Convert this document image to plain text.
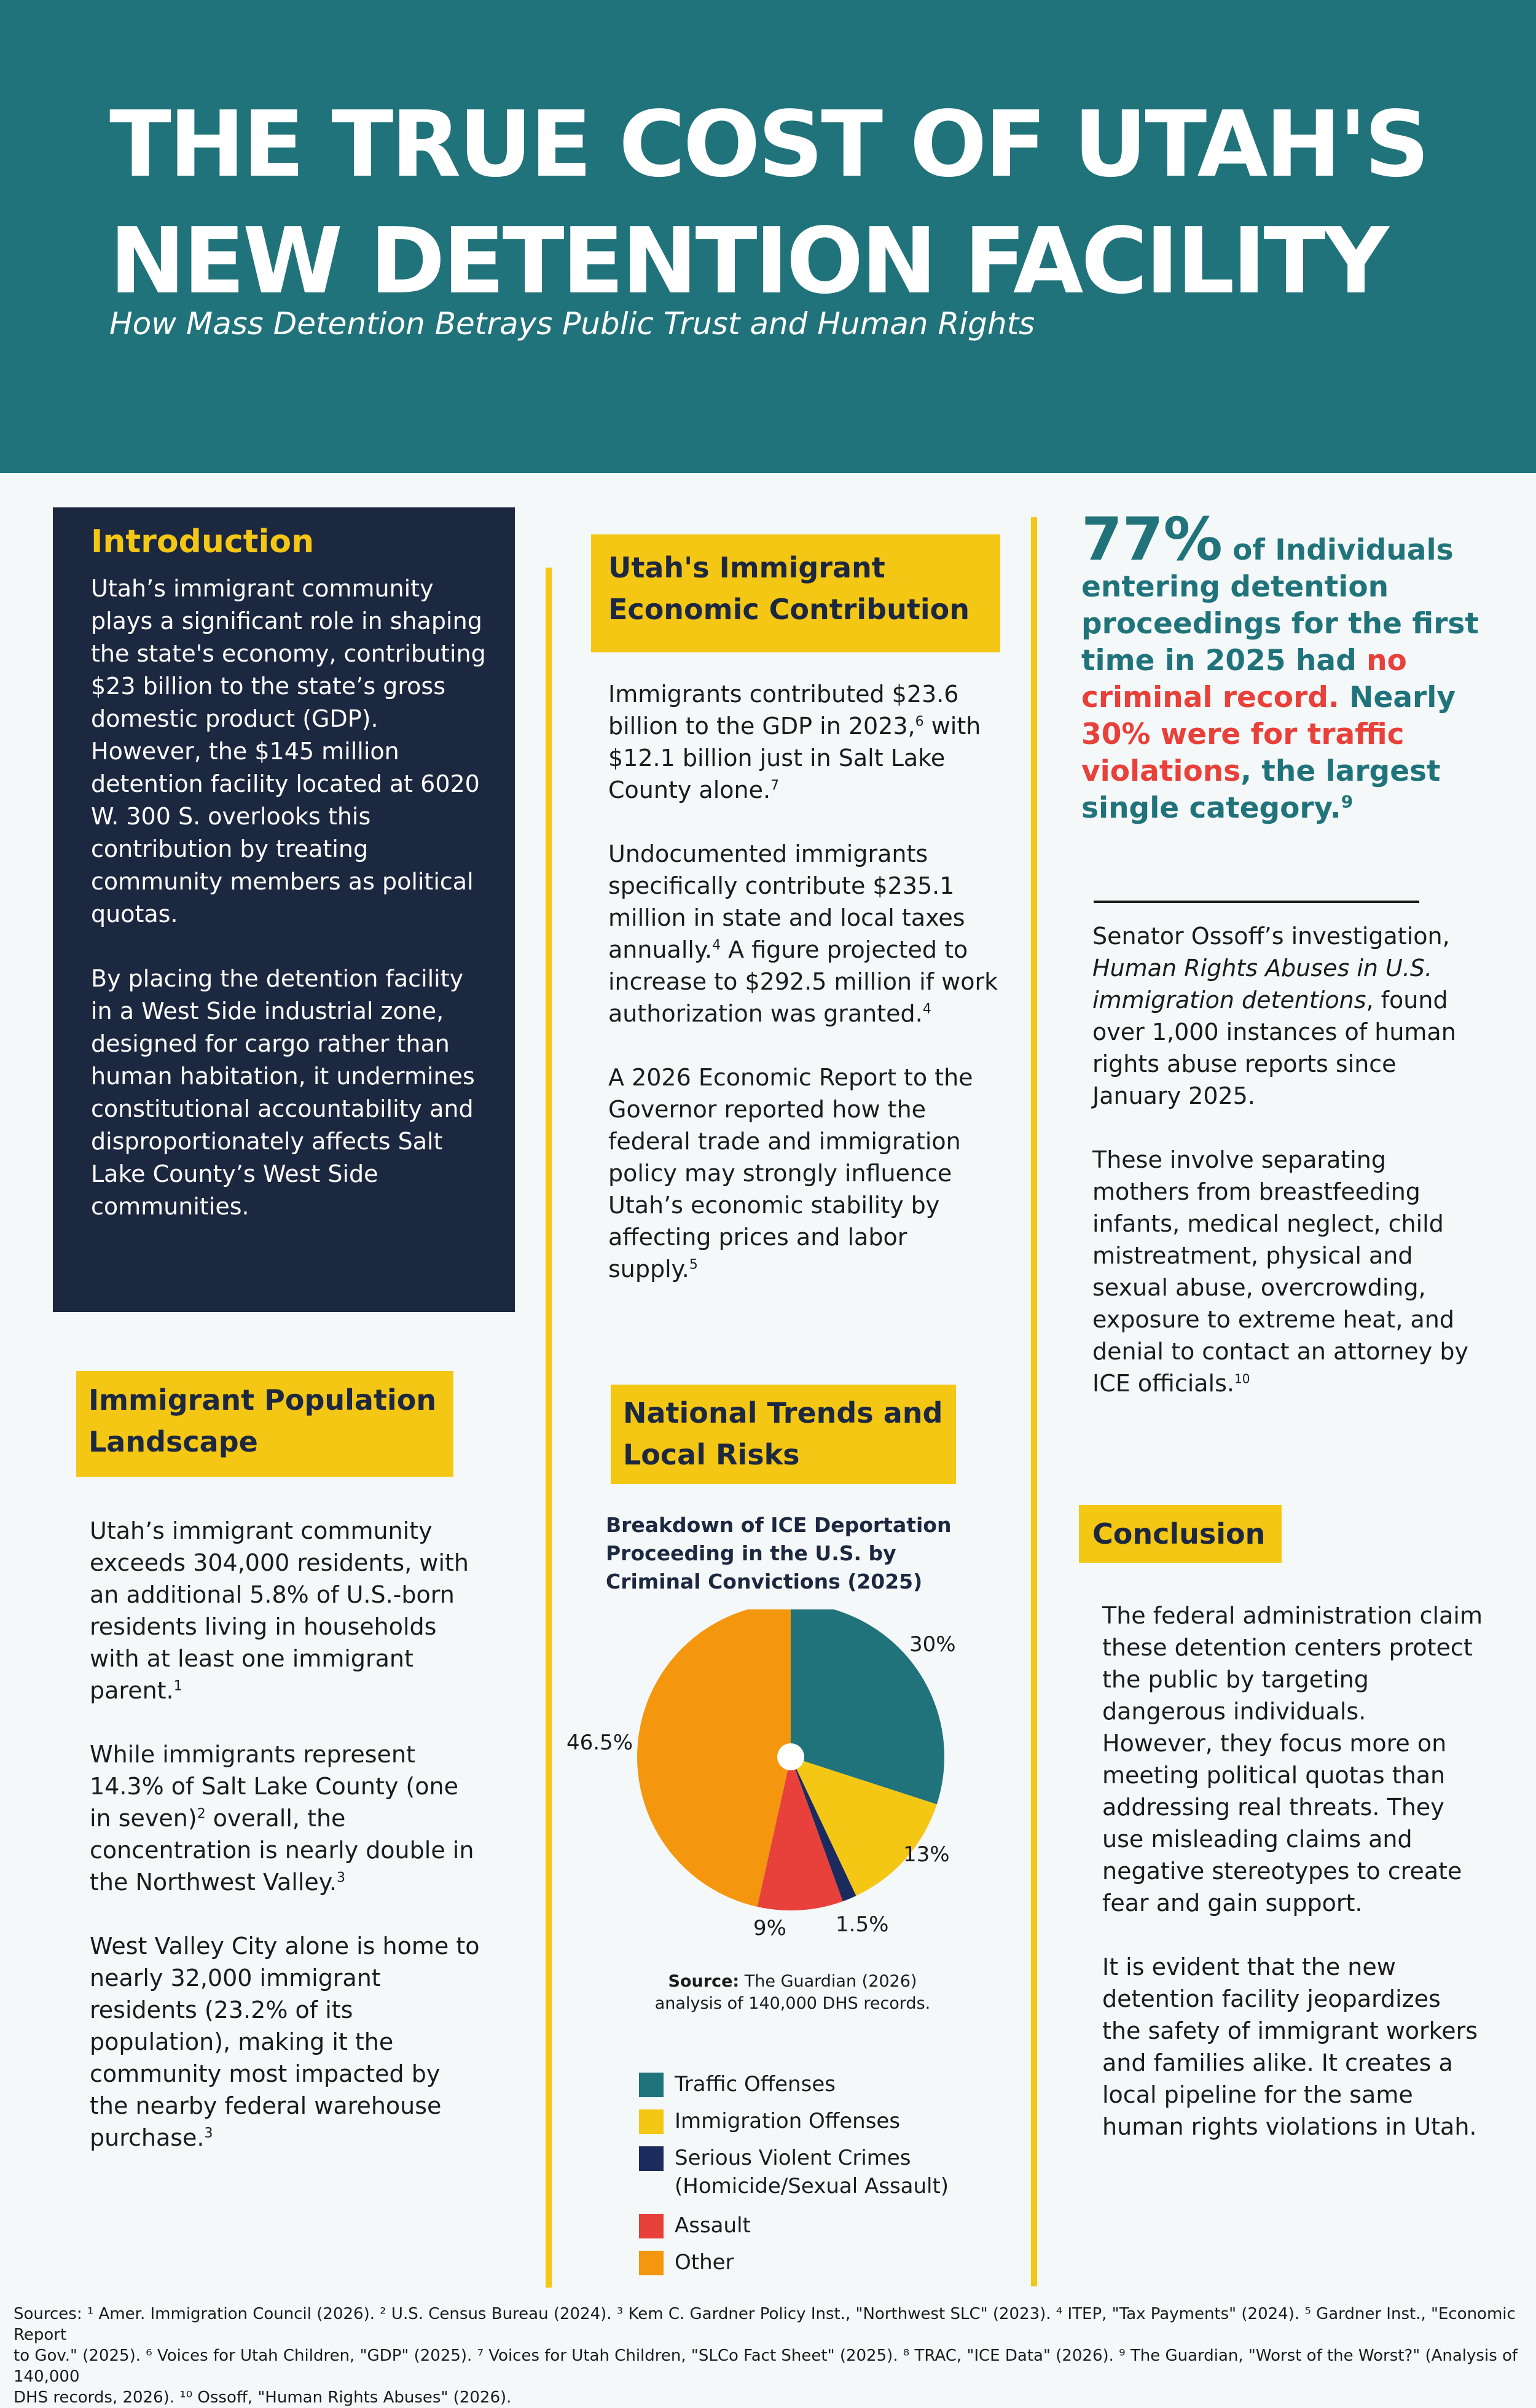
THE TRUE COST OF UTAH'S
NEW DETENTION FACILITY
How Mass Detention Betrays Public Trust and Human Rights
Introduction

Utah’s immigrant community plays a significant role in shaping the state's economy, contributing $23 billion to the state’s gross domestic product (GDP). However, the $145 million detention facility located at 6020 W. 300 S. overlooks this contribution by treating community members as political quotas.

By placing the detention facility in a West Side industrial zone, designed for cargo rather than human habitation, it undermines constitutional accountability and disproportionately affects Salt Lake County’s West Side communities.

Immigrant Population
Landscape

Utah’s immigrant community exceeds 304,000 residents, with an additional 5.8% of U.S.-born residents living in households with at least one immigrant parent.$^1$

While immigrants represent 14.3% of Salt Lake County (one in seven)$^2$ overall, the concentration is nearly double in the Northwest Valley.$^3$

West Valley City alone is home to nearly 32,000 immigrant residents (23.2% of its population), making it the community most impacted by the nearby federal warehouse purchase.$^3$

Utah's Immigrant
Economic Contribution

Immigrants contributed $23.6 billion to the GDP in 2023,$^6$ with $12.1 billion just in Salt Lake County alone.$^7$

Undocumented immigrants specifically contribute $235.1 million in state and local taxes annually.$^4$ A figure projected to increase to $292.5 million if work authorization was granted.$^4$

A 2026 Economic Report to the Governor reported how the federal trade and immigration policy may strongly influence Utah’s economic stability by affecting prices and labor supply.$^5$

National Trends and
Local Risks
Breakdown of ICE Deportation
Proceeding in the U.S. by
Criminal Convictions (2025)
30%
13%
1.5%
9%
46.5%
Source: The Guardian (2026)
analysis of 140,000 DHS records.
Traffic Offenses
Immigration Offenses
Serious Violent Crimes
(Homicide/Sexual Assault)
Assault
Other
77% of Individuals entering detention proceedings for the first time in 2025 had no criminal record. Nearly 30% were for traffic violations, the largest single category.$^9$

Senator Ossoff’s investigation, Human Rights Abuses in U.S. immigration detentions, found over 1,000 instances of human rights abuse reports since January 2025.

These involve separating mothers from breastfeeding infants, medical neglect, child mistreatment, physical and sexual abuse, overcrowding, exposure to extreme heat, and denial to contact an attorney by ICE officials.$^{10}$

Conclusion

The federal administration claim these detention centers protect the public by targeting dangerous individuals. However, they focus more on meeting political quotas than addressing real threats. They use misleading claims and negative stereotypes to create fear and gain support.

It is evident that the new detention facility jeopardizes the safety of immigrant workers and families alike. It creates a local pipeline for the same human rights violations in Utah.

Sources: ¹ Amer. Immigration Council (2026). ² U.S. Census Bureau (2024). ³ Kem C. Gardner Policy Inst., "Northwest SLC" (2023). ⁴ ITEP, "Tax Payments" (2024). ⁵ Gardner Inst., "Economic Report
to Gov." (2025). ⁶ Voices for Utah Children, "GDP" (2025). ⁷ Voices for Utah Children, "SLCo Fact Sheet" (2025). ⁸ TRAC, "ICE Data" (2026). ⁹ The Guardian, "Worst of the Worst?" (Analysis of 140,000
DHS records, 2026). ¹⁰ Ossoff, "Human Rights Abuses" (2026).
